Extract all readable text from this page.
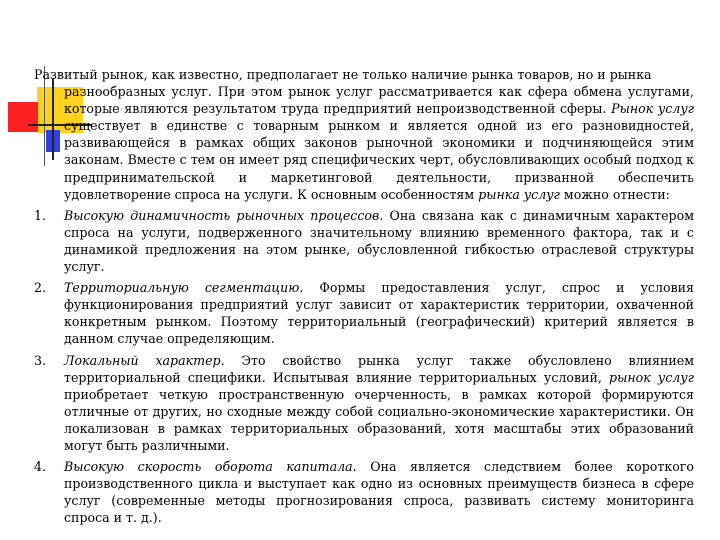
Развитый рынок, как известно, предполагает не только наличие рынка товаров, но и рынка
разнообразных услуг. При этом рынок услуг рассматривается как сфера обмена услугами, которые являются результатом труда предприятий непроизводственной сферы. Рынок услуг существует в единстве с товарным рынком и является одной из его разновидностей, развивающейся в рамках общих законов рыночной экономики и подчиняющейся этим законам. Вместе с тем он имеет ряд специфических черт, обусловливающих особый подход к предпринимательской и маркетинговой деятельности, призванной обеспечить удовлетворение спроса на услуги. К основным особенностям рынка услуг можно отнести:
1.	Высокую динамичность рыночных процессов. Она связана как с динамичным характером спроса на услуги, подверженного значительному влиянию временного фактора, так и с динамикой предложения на этом рынке, обусловленной гибкостью отраслевой структуры услуг.
2.	Территориальную сегментацию. Формы предоставления услуг, спрос и условия функционирования предприятий услуг зависит от характеристик территории, охваченной конкретным рынком. Поэтому территориальный (географический) критерий является в данном случае определяющим.
3.	Локальный характер. Это свойство рынка услуг также обусловлено влиянием территориальной специфики. Испытывая влияние территориальных условий, рынок услуг приобретает четкую пространственную очерченность, в рамках которой формируются отличные от других, но сходные между собой социально-экономические характеристики. Он локализован в рамках территориальных образований, хотя масштабы этих образований могут быть различными.
4.	Высокую скорость оборота капитала. Она является следствием более короткого производственного цикла и выступает как одно из основных преимуществ бизнеса в сфере услуг (современные методы прогнозирования спроса, развивать систему мониторинга спроса и т. д.).
